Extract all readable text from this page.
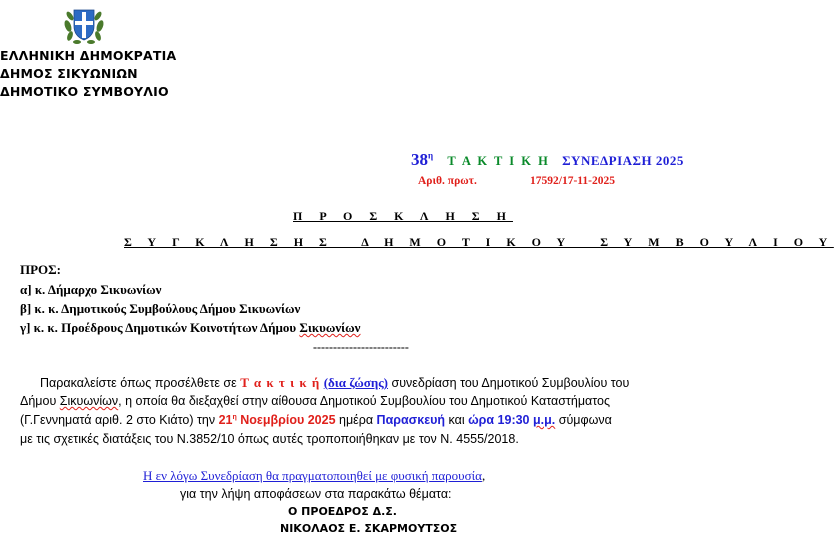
ΕΛΛΗΝΙΚΗ ΔΗΜΟΚΡΑΤΙΑ
ΔΗΜΟΣ ΣΙΚΥΩΝΙΩΝ
ΔΗΜΟΤΙΚΟ ΣΥΜΒΟΥΛΙΟ
$38^\eta$ Τ Α Κ Τ Ι Κ Η ΣΥΝΕΔΡΙΑΣΗ 2025
Αριθ. πρωτ.	17592/17-11-2025
Π Ρ Ο Σ Κ Λ Η Σ Η
Σ Υ Γ Κ Λ Η Σ Η Σ   Δ Η Μ Ο Τ Ι Κ Ο Υ   Σ Υ Μ Β Ο Υ Λ Ι Ο Υ
ΠΡΟΣ:
α] κ. Δήμαρχο Σικυωνίων
β] κ. κ. Δημοτικούς Συμβούλους Δήμου Σικυωνίων
γ] κ. κ. Προέδρους Δημοτικών Κοινοτήτων Δήμου Σικυωνίων
------------------------
Παρακαλείστε όπως προσέλθετε σε Τ α κ τ ι κ ή (δια ζώσης) συνεδρίαση του Δημοτικού Συμβουλίου του
Δήμου Σικυωνίων, η οποία θα διεξαχθεί στην αίθουσα Δημοτικού Συμβουλίου του Δημοτικού Καταστήματος
(Γ.Γεννηματά αριθ. 2 στο Κιάτο) την $21^\eta$ Νοεμβρίου 2025 ημέρα Παρασκευή και ώρα 19:30 μ.μ. σύμφωνα
με τις σχετικές διατάξεις του Ν.3852/10 όπως αυτές τροποποιήθηκαν με τον Ν. 4555/2018.
Η εν λόγω Συνεδρίαση θα πραγματοποιηθεί με φυσική παρουσία,
για την λήψη αποφάσεων στα παρακάτω θέματα:
Ο ΠΡΟΕΔΡΟΣ Δ.Σ.
ΝΙΚΟΛΑΟΣ Ε. ΣΚΑΡΜΟΥΤΣΟΣ
